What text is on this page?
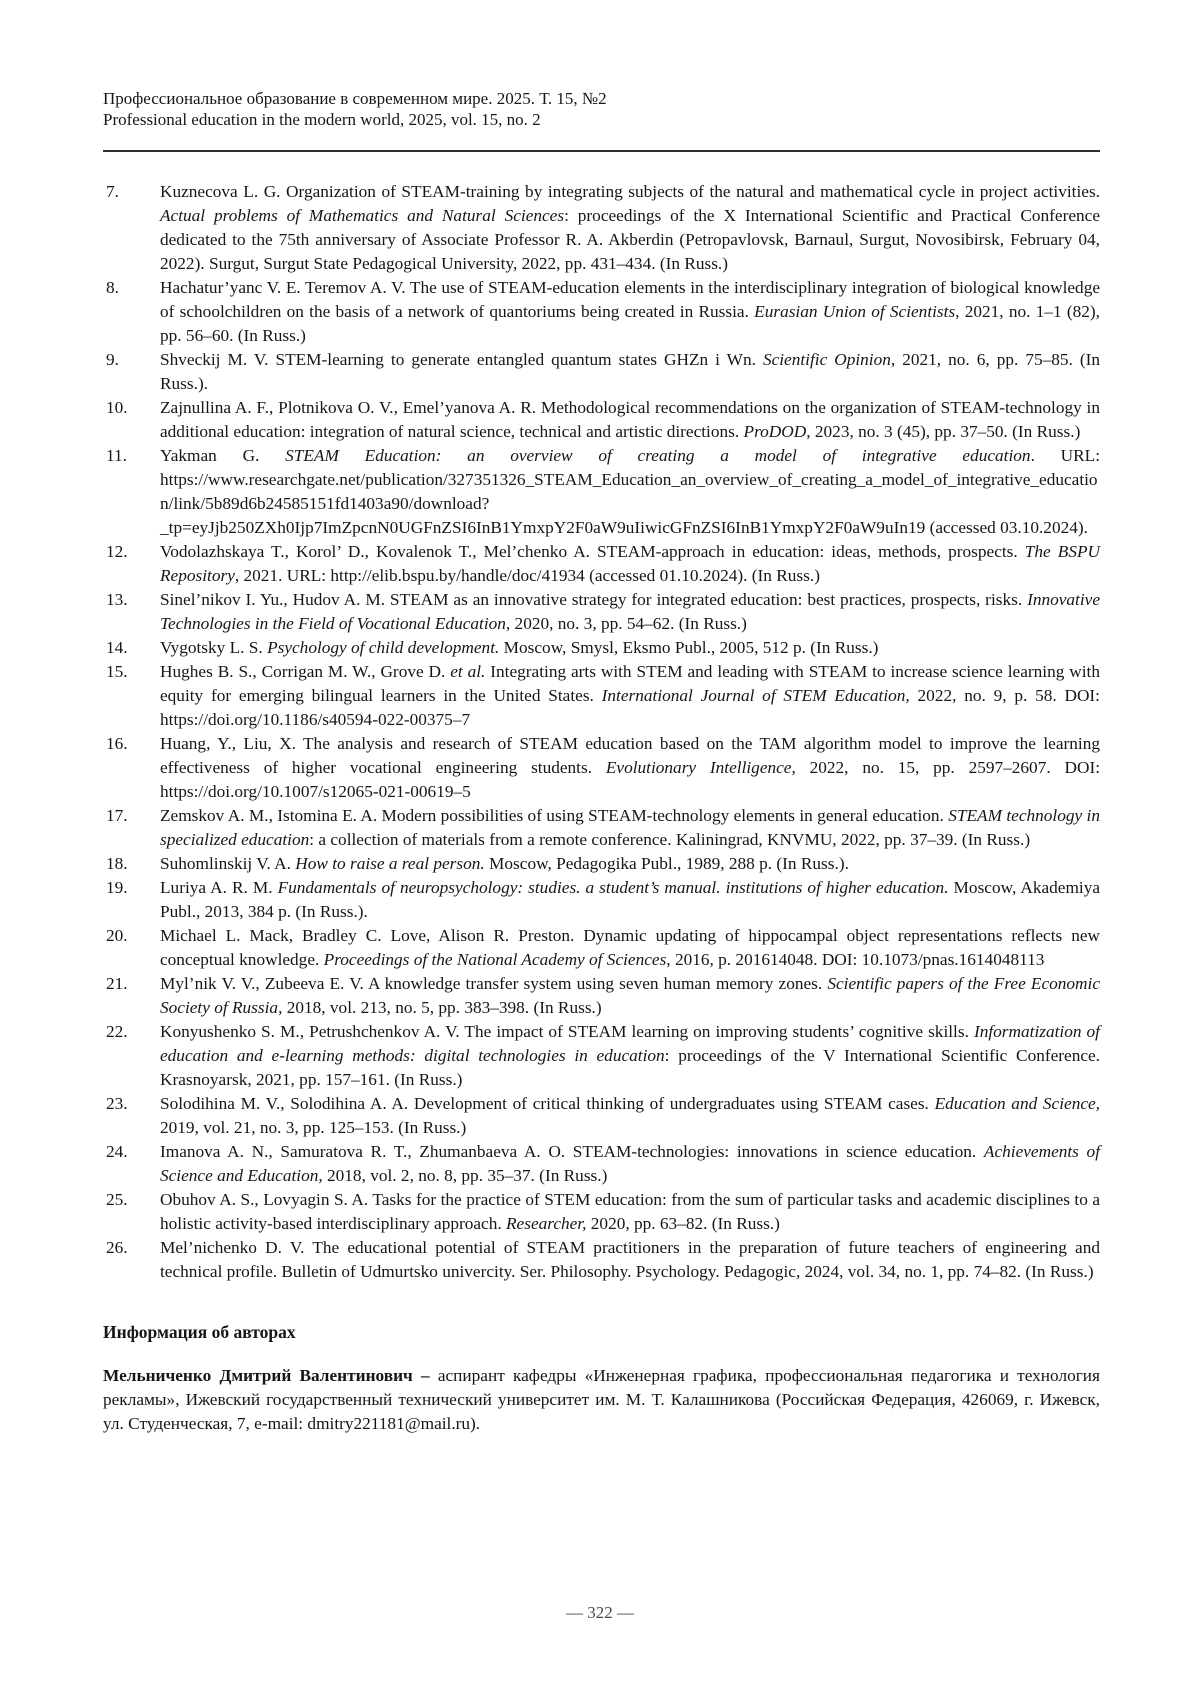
Профессиональное образование в современном мире. 2025. Т. 15, №2
Professional education in the modern world, 2025, vol. 15, no. 2
7. Kuznecova L. G. Organization of STEAM-training by integrating subjects of the natural and mathematical cycle in project activities. Actual problems of Mathematics and Natural Sciences: proceedings of the X International Scientific and Practical Conference dedicated to the 75th anniversary of Associate Professor R. A. Akberdin (Petropavlovsk, Barnaul, Surgut, Novosibirsk, February 04, 2022). Surgut, Surgut State Pedagogical University, 2022, pp. 431–434. (In Russ.)
8. Hachatur’yanc V. E. Teremov A. V. The use of STEAM-education elements in the interdisciplinary integration of biological knowledge of schoolchildren on the basis of a network of quantoriums being created in Russia. Eurasian Union of Scientists, 2021, no. 1–1 (82), pp. 56–60. (In Russ.)
9. Shveckij M. V. STEM-learning to generate entangled quantum states GHZn i Wn. Scientific Opinion, 2021, no. 6, pp. 75–85. (In Russ.).
10. Zajnullina A. F., Plotnikova O. V., Emel’yanova A. R. Methodological recommendations on the organization of STEAM-technology in additional education: integration of natural science, technical and artistic directions. ProDOD, 2023, no. 3 (45), pp. 37–50. (In Russ.)
11. Yakman G. STEAM Education: an overview of creating a model of integrative education. URL: https://www.researchgate.net/publication/327351326_STEAM_Education_an_overview_of_creating_a_model_of_integrative_education/link/5b89d6b24585151fd1403a90/download?_tp=eyJjb250ZXh0Ijp7ImZpcnN0UGFnZSI6InB1YmxpY2F0aW9uIiwicGFnZSI6InB1YmxpY2F0aW9uIn19 (accessed 03.10.2024).
12. Vodolazhskaya T., Korol’ D., Kovalenok T., Mel’chenko A. STEAM-approach in education: ideas, methods, prospects. The BSPU Repository, 2021. URL: http://elib.bspu.by/handle/doc/41934 (accessed 01.10.2024). (In Russ.)
13. Sinel’nikov I. Yu., Hudov A. M. STEAM as an innovative strategy for integrated education: best practices, prospects, risks. Innovative Technologies in the Field of Vocational Education, 2020, no. 3, pp. 54–62. (In Russ.)
14. Vygotsky L. S. Psychology of child development. Moscow, Smysl, Eksmo Publ., 2005, 512 p. (In Russ.)
15. Hughes B. S., Corrigan M. W., Grove D. et al. Integrating arts with STEM and leading with STEAM to increase science learning with equity for emerging bilingual learners in the United States. International Journal of STEM Education, 2022, no. 9, p. 58. DOI: https://doi.org/10.1186/s40594-022-00375–7
16. Huang, Y., Liu, X. The analysis and research of STEAM education based on the TAM algorithm model to improve the learning effectiveness of higher vocational engineering students. Evolutionary Intelligence, 2022, no. 15, pp. 2597–2607. DOI: https://doi.org/10.1007/s12065-021-00619–5
17. Zemskov A. M., Istomina E. A. Modern possibilities of using STEAM-technology elements in general education. STEAM technology in specialized education: a collection of materials from a remote conference. Kaliningrad, KNVMU, 2022, pp. 37–39. (In Russ.)
18. Suhomlinskij V. A. How to raise a real person. Moscow, Pedagogika Publ., 1989, 288 p. (In Russ.).
19. Luriya A. R. M. Fundamentals of neuropsychology: studies. a student’s manual. institutions of higher education. Moscow, Akademiya Publ., 2013, 384 p. (In Russ.).
20. Michael L. Mack, Bradley C. Love, Alison R. Preston. Dynamic updating of hippocampal object representations reflects new conceptual knowledge. Proceedings of the National Academy of Sciences, 2016, p. 201614048. DOI: 10.1073/pnas.1614048113
21. Myl’nik V. V., Zubeeva E. V. A knowledge transfer system using seven human memory zones. Scientific papers of the Free Economic Society of Russia, 2018, vol. 213, no. 5, pp. 383–398. (In Russ.)
22. Konyushenko S. M., Petrushchenkov A. V. The impact of STEAM learning on improving students’ cognitive skills. Informatization of education and e-learning methods: digital technologies in education: proceedings of the V International Scientific Conference. Krasnoyarsk, 2021, pp. 157–161. (In Russ.)
23. Solodihina M. V., Solodihina A. A. Development of critical thinking of undergraduates using STEAM cases. Education and Science, 2019, vol. 21, no. 3, pp. 125–153. (In Russ.)
24. Imanova A. N., Samuratova R. T., Zhumanbaeva A. O. STEAM-technologies: innovations in science education. Achievements of Science and Education, 2018, vol. 2, no. 8, pp. 35–37. (In Russ.)
25. Obuhov A. S., Lovyagin S. A. Tasks for the practice of STEM education: from the sum of particular tasks and academic disciplines to a holistic activity-based interdisciplinary approach. Researcher, 2020, pp. 63–82. (In Russ.)
26. Mel’nichenko D. V. The educational potential of STEAM practitioners in the preparation of future teachers of engineering and technical profile. Bulletin of Udmurtsko univercity. Ser. Philosophy. Psychology. Pedagogic, 2024, vol. 34, no. 1, pp. 74–82. (In Russ.)
Информация об авторах
Мельниченко Дмитрий Валентинович – аспирант кафедры «Инженерная графика, профессиональная педагогика и технология рекламы», Ижевский государственный технический университет им. М. Т. Калашникова (Российская Федерация, 426069, г. Ижевск, ул. Студенческая, 7, e-mail: dmitry221181@mail.ru).
— 322 —
